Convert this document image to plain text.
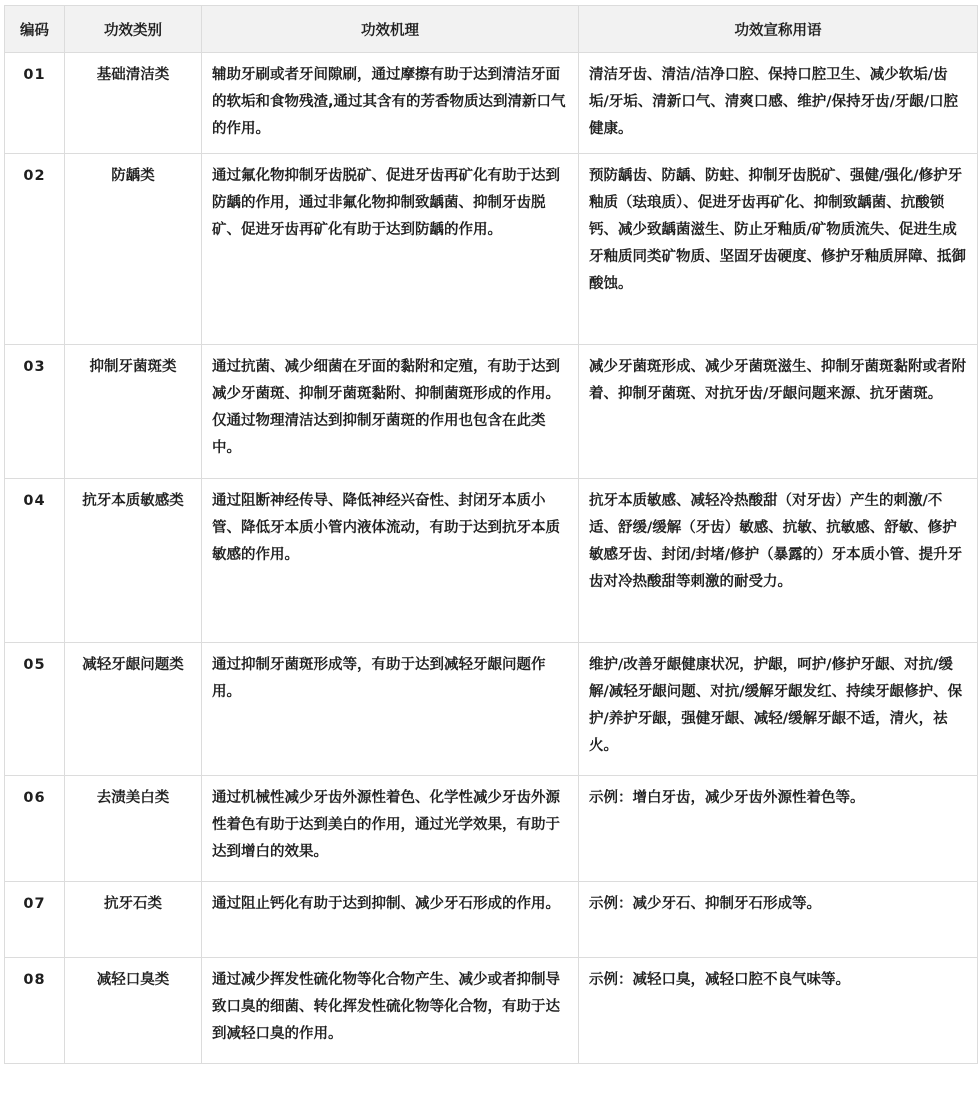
编码	功效类别	功效机理	功效宣称用语
01	基础清洁类	辅助牙刷或者牙间隙刷，通过摩擦有助于达到清洁牙面的软垢和食物残渣,通过其含有的芳香物质达到清新口气的作用。	清洁牙齿、清洁/洁净口腔、保持口腔卫生、减少软垢/齿垢/牙垢、清新口气、清爽口感、维护/保持牙齿/牙龈/口腔健康。
02	防龋类	通过氟化物抑制牙齿脱矿、促进牙齿再矿化有助于达到防龋的作用，通过非氟化物抑制致龋菌、抑制牙齿脱矿、促进牙齿再矿化有助于达到防龋的作用。	预防龋齿、防龋、防蛀、抑制牙齿脱矿、强健/强化/修护牙釉质（珐琅质）、促进牙齿再矿化、抑制致龋菌、抗酸锁钙、减少致龋菌滋生、防止牙釉质/矿物质流失、促进生成牙釉质同类矿物质、坚固牙齿硬度、修护牙釉质屏障、抵御酸蚀。
03	抑制牙菌斑类	通过抗菌、减少细菌在牙面的黏附和定殖，有助于达到减少牙菌斑、抑制牙菌斑黏附、抑制菌斑形成的作用。仅通过物理清洁达到抑制牙菌斑的作用也包含在此类中。	减少牙菌斑形成、减少牙菌斑滋生、抑制牙菌斑黏附或者附着、抑制牙菌斑、对抗牙齿/牙龈问题来源、抗牙菌斑。
04	抗牙本质敏感类	通过阻断神经传导、降低神经兴奋性、封闭牙本质小管、降低牙本质小管内液体流动，有助于达到抗牙本质敏感的作用。	抗牙本质敏感、减轻冷热酸甜（对牙齿）产生的刺激/不适、舒缓/缓解（牙齿）敏感、抗敏、抗敏感、舒敏、修护敏感牙齿、封闭/封堵/修护（暴露的）牙本质小管、提升牙齿对冷热酸甜等刺激的耐受力。
05	减轻牙龈问题类	通过抑制牙菌斑形成等，有助于达到减轻牙龈问题作用。	维护/改善牙龈健康状况，护龈，呵护/修护牙龈、对抗/缓解/减轻牙龈问题、对抗/缓解牙龈发红、持续牙龈修护、保护/养护牙龈，强健牙龈、减轻/缓解牙龈不适，清火，祛火。
06	去渍美白类	通过机械性减少牙齿外源性着色、化学性减少牙齿外源性着色有助于达到美白的作用，通过光学效果，有助于达到增白的效果。	示例：增白牙齿，减少牙齿外源性着色等。
07	抗牙石类	通过阻止钙化有助于达到抑制、减少牙石形成的作用。	示例：减少牙石、抑制牙石形成等。
08	减轻口臭类	通过减少挥发性硫化物等化合物产生、减少或者抑制导致口臭的细菌、转化挥发性硫化物等化合物，有助于达到减轻口臭的作用。	示例：减轻口臭，减轻口腔不良气味等。
